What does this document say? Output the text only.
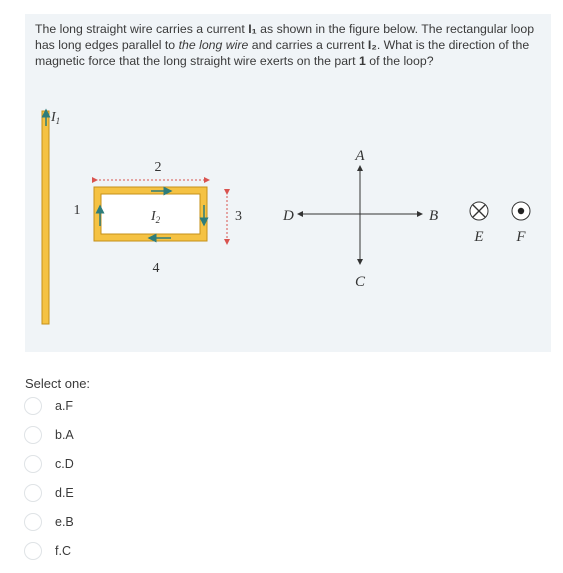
The long straight wire carries a current I₁ as shown in the figure below. The rectangular loop has long edges parallel to the long wire and carries a current I₂. What is the direction of the magnetic force that the long straight wire exerts on the part 1 of the loop?
$I_1$
2
1	3
4
$I_2$
A
C
B
D
E F
Select one:
a.F
b.A
c.D
d.E
e.B
f.C
